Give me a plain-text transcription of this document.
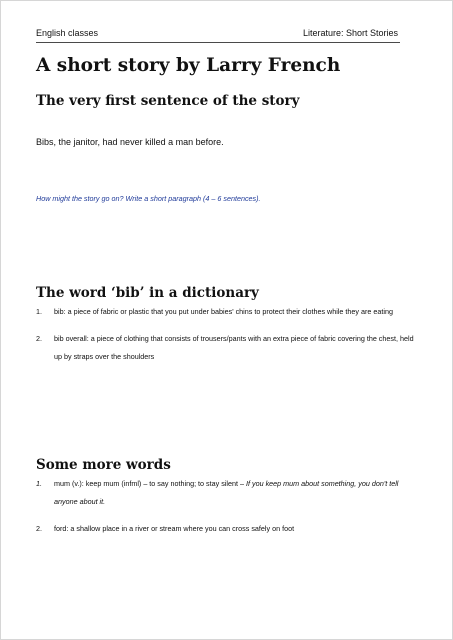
English classes	Literature: Short Stories
A short story by Larry French
The very first sentence of the story

Bibs, the janitor, had never killed a man before.

How might the story go on? Write a short paragraph (4 – 6 sentences).

The word ‘bib’ in a dictionary
1. bib: a piece of fabric or plastic that you put under babies' chins to protect their clothes while they are eating
2. bib overall: a piece of clothing that consists of trousers/pants with an extra piece of fabric covering the chest, held up by straps over the shoulders
Some more words
1. mum (v.): keep mum (infml) – to say nothing; to stay silent – If you keep mum about something, you don't tell anyone about it.
2. ford: a shallow place in a river or stream where you can cross safely on foot
